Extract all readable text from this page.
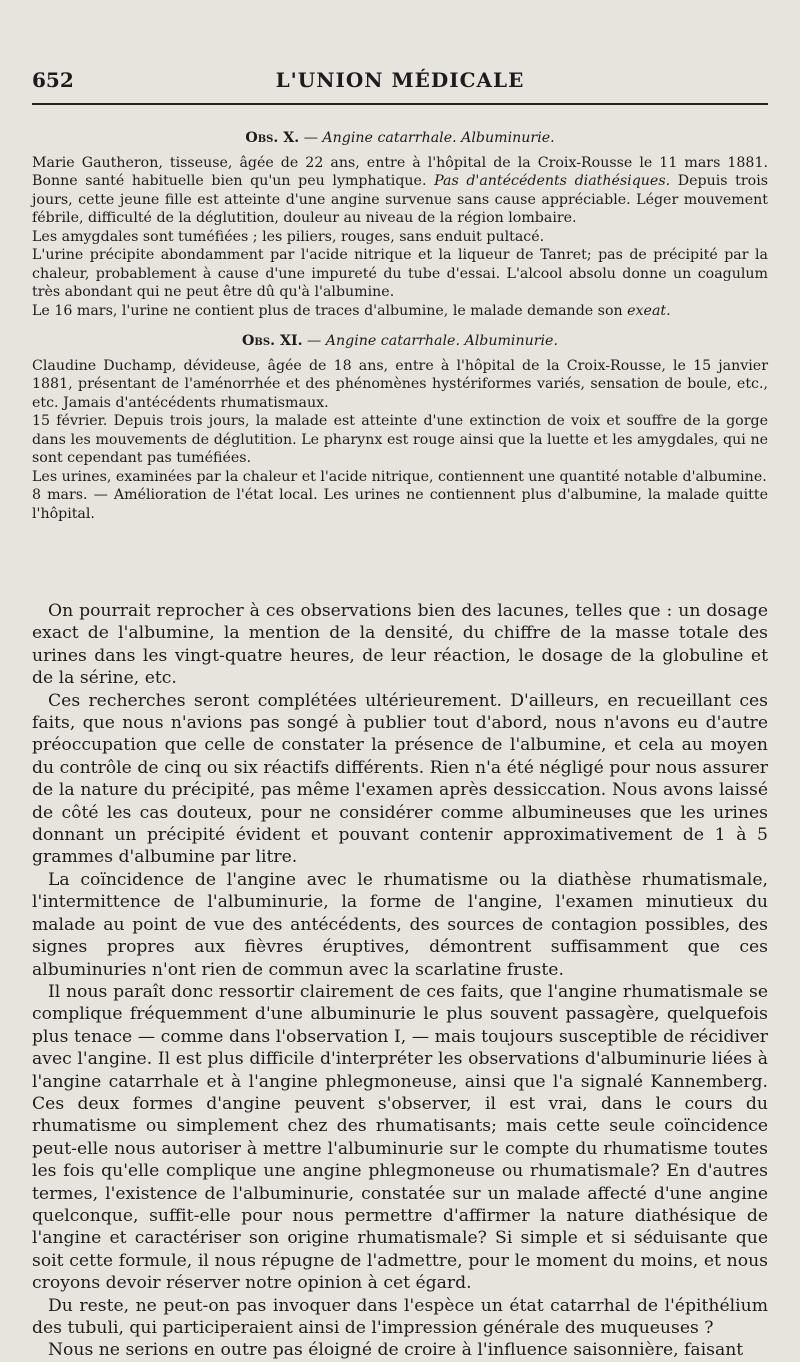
652	L'UNION MÉDICALE

Obs. X. — Angine catarrhale. Albuminurie.

Marie Gautheron, tisseuse, âgée de 22 ans, entre à l'hôpital de la Croix-Rousse le 11 mars 1881. Bonne santé habituelle bien qu'un peu lymphatique. Pas d'antécédents diathésiques. Depuis trois jours, cette jeune fille est atteinte d'une angine survenue sans cause appréciable. Léger mouvement fébrile, difficulté de la déglutition, douleur au niveau de la région lombaire.

Les amygdales sont tuméfiées ; les piliers, rouges, sans enduit pultacé.

L'urine précipite abondamment par l'acide nitrique et la liqueur de Tanret; pas de précipité par la chaleur, probablement à cause d'une impureté du tube d'essai. L'alcool absolu donne un coagulum très abondant qui ne peut être dû qu'à l'albumine.

Le 16 mars, l'urine ne contient plus de traces d'albumine, le malade demande son exeat.

Obs. XI. — Angine catarrhale. Albuminurie.

Claudine Duchamp, dévideuse, âgée de 18 ans, entre à l'hôpital de la Croix-Rousse, le 15 janvier 1881, présentant de l'aménorrhée et des phénomènes hystériformes variés, sensation de boule, etc., etc. Jamais d'antécédents rhumatismaux.

15 février. Depuis trois jours, la malade est atteinte d'une extinction de voix et souffre de la gorge dans les mouvements de déglutition. Le pharynx est rouge ainsi que la luette et les amygdales, qui ne sont cependant pas tuméfiées.

Les urines, examinées par la chaleur et l'acide nitrique, contiennent une quantité notable d'albumine.

8 mars. — Amélioration de l'état local. Les urines ne contiennent plus d'albumine, la malade quitte l'hôpital.

On pourrait reprocher à ces observations bien des lacunes, telles que : un dosage exact de l'albumine, la mention de la densité, du chiffre de la masse totale des urines dans les vingt-quatre heures, de leur réaction, le dosage de la globuline et de la sérine, etc.

Ces recherches seront complétées ultérieurement. D'ailleurs, en recueillant ces faits, que nous n'avions pas songé à publier tout d'abord, nous n'avons eu d'autre préoccupation que celle de constater la présence de l'albumine, et cela au moyen du contrôle de cinq ou six réactifs différents. Rien n'a été négligé pour nous assurer de la nature du précipité, pas même l'examen après dessiccation. Nous avons laissé de côté les cas douteux, pour ne considérer comme albumineuses que les urines donnant un précipité évident et pouvant contenir approximativement de 1 à 5 grammes d'albumine par litre.

La coïncidence de l'angine avec le rhumatisme ou la diathèse rhumatismale, l'intermittence de l'albuminurie, la forme de l'angine, l'examen minutieux du malade au point de vue des antécédents, des sources de contagion possibles, des signes propres aux fièvres éruptives, démontrent suffisamment que ces albuminuries n'ont rien de commun avec la scarlatine fruste.

Il nous paraît donc ressortir clairement de ces faits, que l'angine rhumatismale se complique fréquemment d'une albuminurie le plus souvent passagère, quelquefois plus tenace — comme dans l'observation I, — mais toujours susceptible de récidiver avec l'angine. Il est plus difficile d'interpréter les observations d'albuminurie liées à l'angine catarrhale et à l'angine phlegmoneuse, ainsi que l'a signalé Kannemberg. Ces deux formes d'angine peuvent s'observer, il est vrai, dans le cours du rhumatisme ou simplement chez des rhumatisants; mais cette seule coïncidence peut-elle nous autoriser à mettre l'albuminurie sur le compte du rhumatisme toutes les fois qu'elle complique une angine phlegmoneuse ou rhumatismale? En d'autres termes, l'existence de l'albuminurie, constatée sur un malade affecté d'une angine quelconque, suffit-elle pour nous permettre d'affirmer la nature diathésique de l'angine et caractériser son origine rhumatismale? Si simple et si séduisante que soit cette formule, il nous répugne de l'admettre, pour le moment du moins, et nous croyons devoir réserver notre opinion à cet égard.

Du reste, ne peut-on pas invoquer dans l'espèce un état catarrhal de l'épithélium des tubuli, qui participeraient ainsi de l'impression générale des muqueuses ?

Nous ne serions en outre pas éloigné de croire à l'influence saisonnière, faisant
